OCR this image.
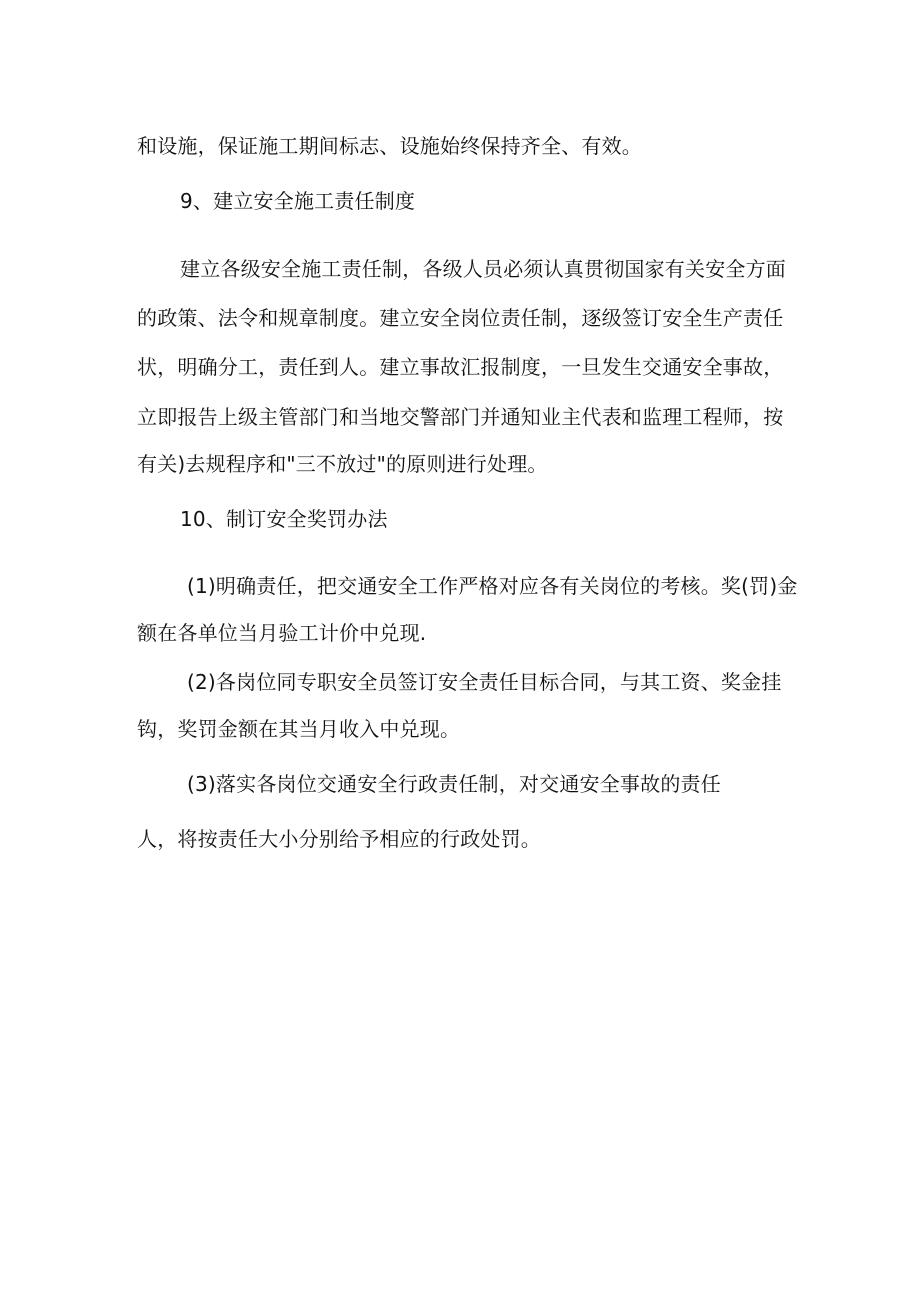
和设施，保证施工期间标志、设施始终保持齐全、有效。
9、建立安全施工责任制度
建立各级安全施工责任制，各级人员必须认真贯彻国家有关安全方面
的政策、法令和规章制度。建立安全岗位责任制，逐级签订安全生产责任
状，明确分工，责任到人。建立事故汇报制度，一旦发生交通安全事故，
立即报告上级主管部门和当地交警部门并通知业主代表和监理工程师，按
有关)去规程序和"三不放过"的原则进行处理。
10、制订安全奖罚办法
(1)明确责任，把交通安全工作严格对应各有关岗位的考核。奖(罚)金
额在各单位当月验工计价中兑现.
(2)各岗位同专职安全员签订安全责任目标合同，与其工资、奖金挂
钩，奖罚金额在其当月收入中兑现。
(3)落实各岗位交通安全行政责任制，对交通安全事故的责任
人，将按责任大小分别给予相应的行政处罚。
